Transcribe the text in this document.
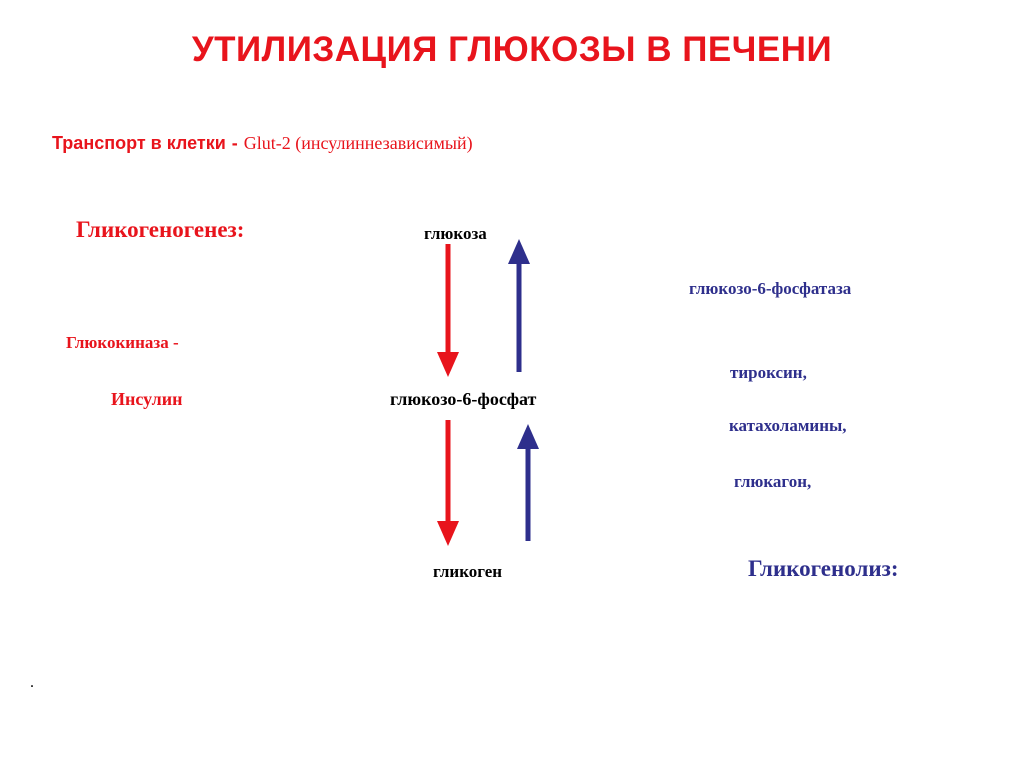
УТИЛИЗАЦИЯ ГЛЮКОЗЫ В ПЕЧЕНИ
Транспорт в клетки - Glut-2 (инсулиннезависимый)
Гликогеногенез:
Глюкокиназа -
Инсулин
глюкоза
глюкозо-6-фосфат
гликоген
глюкозо-6-фосфатаза
тироксин,
катахоламины,
глюкагон,
Гликогенолиз:
.
